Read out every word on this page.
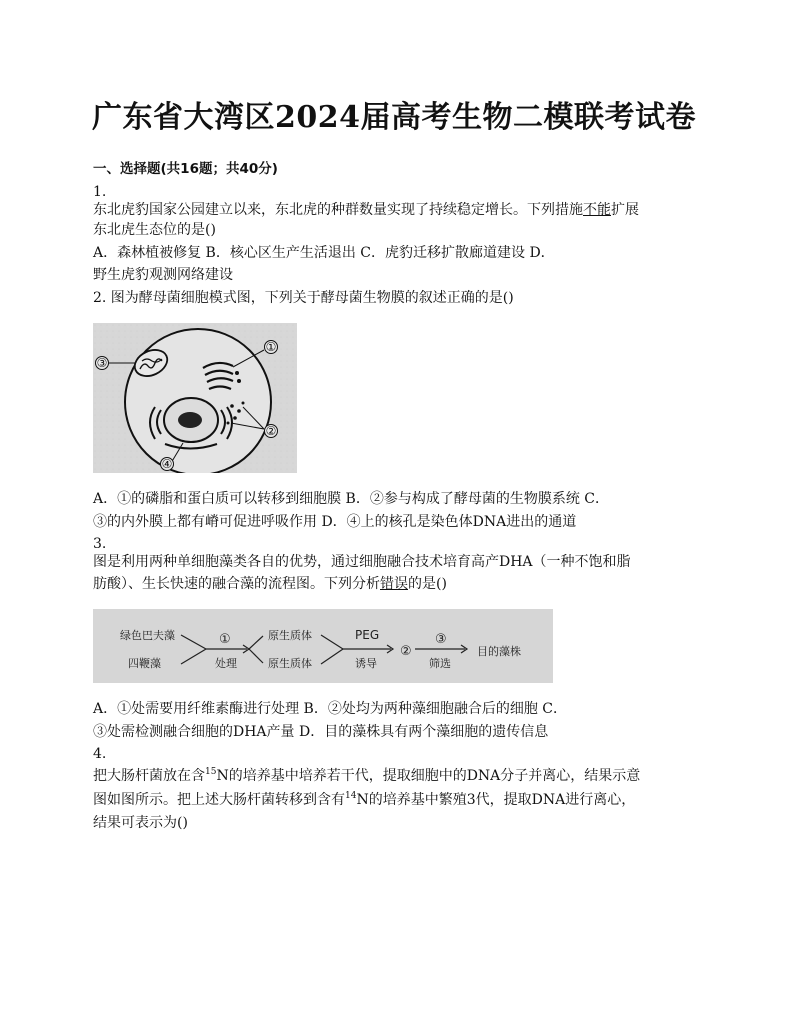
广东省大湾区2024届高考生物二模联考试卷
一、选择题(共16题；共40分)
1.
东北虎豹国家公园建立以来，东北虎的种群数量实现了持续稳定增长。下列措施不能扩展
东北虎生态位的是()
A．森林植被修复 B．核心区生产生活退出 C．虎豹迁移扩散廊道建设 D．
野生虎豹观测网络建设
2. 图为酵母菌细胞模式图，下列关于酵母菌生物膜的叙述正确的是()
③
①
②
④
A．①的磷脂和蛋白质可以转移到细胞膜 B．②参与构成了酵母菌的生物膜系统 C．
③的内外膜上都有嵴可促进呼吸作用 D．④上的核孔是染色体DNA进出的通道
3.
图是利用两种单细胞藻类各自的优势，通过细胞融合技术培育高产DHA（一种不饱和脂
肪酸）、生长快速的融合藻的流程图。下列分析错误的是()
绿色巴夫藻
四鞭藻
①
处理
原生质体
原生质体
PEG
诱导
②
③
筛选
目的藻株
A．①处需要用纤维素酶进行处理 B．②处均为两种藻细胞融合后的细胞 C．
③处需检测融合细胞的DHA产量 D．目的藻株具有两个藻细胞的遗传信息
4.
把大肠杆菌放在含$^{15}$N的培养基中培养若干代，提取细胞中的DNA分子并离心，结果示意
图如图所示。把上述大肠杆菌转移到含有$^{14}$N的培养基中繁殖3代，提取DNA进行离心，
结果可表示为()
